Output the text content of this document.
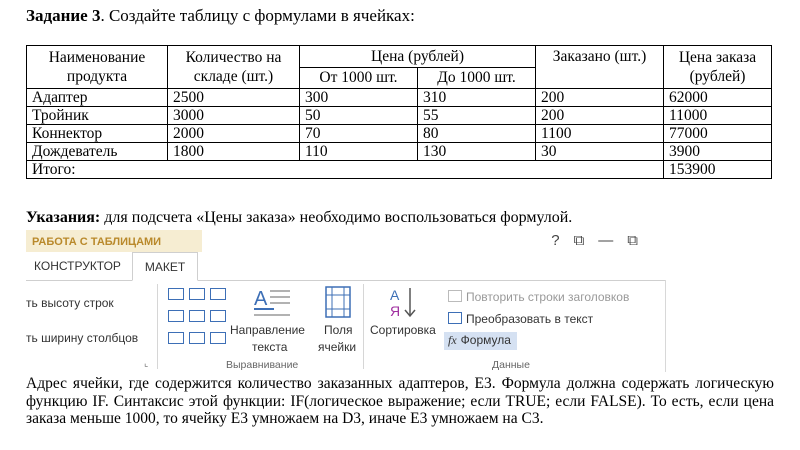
Задание 3. Создайте таблицу с формулами в ячейках:
Наименование продукта	Количество на складе (шт.)	Цена (рублей)		Заказано (шт.)	Цена заказа (рублей)
		От 1000 шт.	До 1000 шт.		
Адаптер	2500	300	310	200	62000
Тройник	3000	50	55	200	11000
Коннектор	2000	70	80	1100	77000
Дождеватель	1800	110	130	30	3900
Итого:					153900
Указания: для подсчета «Цены заказа» необходимо воспользоваться формулой.
РАБОТА С ТАБЛИЦАМИ	?⧉—⧉
КОНСТРУКТОР	МАКЕТ
ть высоту строк
ть ширину столбцов
⌞
A
Направление
текста
Поля
ячейки
Выравнивание
А
Я
Сортировка
Повторить строки заголовков
Преобразовать в текст
fx Формула
Данные
Адрес ячейки, где содержится количество заказанных адаптеров, E3. Формула должна содержать логическую функцию IF. Синтаксис этой функции: IF(логическое выражение; если TRUE; если FALSE). То есть, если цена заказа меньше 1000, то ячейку E3 умножаем на D3, иначе E3 умножаем на C3.
